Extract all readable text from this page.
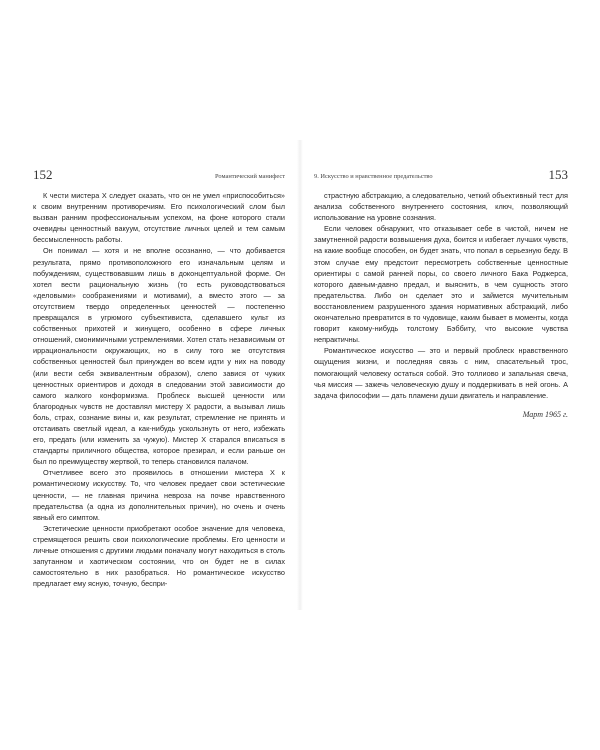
152	Романтический манифест

К чести мистера X следует сказать, что он не умел «приспособиться» к своим внутренним противоречиям. Его психологический слом был вызван ранним профессиональным успехом, на фоне которого стали очевидны ценностный вакуум, отсутствие личных целей и тем самым бессмысленность работы.

Он понимал — хотя и не вполне осознанно, — что добивается результата, прямо противоположного его изначальным целям и побуждениям, существовавшим лишь в доконцептуальной форме. Он хотел вести рациональную жизнь (то есть руководствоваться «деловыми» соображениями и мотивами), а вместо этого — за отсутствием твердо определенных ценностей — постепенно превращался в угрюмого субъективиста, сделавшего культ из собственных прихотей и жинущего, особенно в сфере личных отношений, смонимичными устремлениями. Хотел стать независимым от иррациональности окружающих, но в силу того же отсутствия собственных ценностей был принужден во всем идти у них на поводу (или вести себя эквивалентным образом), слепо завися от чужих ценностных ориентиров и доходя в следовании этой зависимости до самого жалкого конформизма. Проблеск высшей ценности или благородных чувств не доставлял мистеру X радости, а вызывал лишь боль, страх, сознание вины и, как результат, стремление не принять и отстаивать светлый идеал, а как-нибудь ускользнуть от него, избежать его, предать (или изменить за чужую). Мистер X старался вписаться в стандарты приличного общества, которое презирал, и если раньше он был по преимуществу жертвой, то теперь становился палачом.

Отчетливее всего это проявилось в отношении мистера X к романтическому искусству. То, что человек предает свои эстетические ценности, — не главная причина невроза на почве нравственного предательства (а одна из дополнительных причин), но очень и очень явный его симптом.

Эстетические ценности приобретают особое значение для человека, стремящегося решить свои психологические проблемы. Его ценности и личные отношения с другими людьми поначалу могут находиться в столь запутанном и хаотическом состоянии, что он будет не в силах самостоятельно в них разобраться. Но романтическое искусство предлагает ему ясную, точную, беспри-

9. Искусство и нравственное предательство	153

страстную абстракцию, а следовательно, четкий объективный тест для анализа собственного внутреннего состояния, ключ, позволяющий использование на уровне сознания.

Если человек обнаружит, что отказывает себе в чистой, ничем не замутненной радости возвышения духа, боится и избегает лучших чувств, на какие вообще способен, он будет знать, что попал в серьезную беду. В этом случае ему предстоит пересмотреть собственные ценностные ориентиры с самой ранней поры, со своего личного Бака Роджерса, которого давным-давно предал, и выяснить, в чем сущность этого предательства. Либо он сделает это и займется мучительным восстановлением разрушенного здания нормативных абстракций, либо окончательно превратится в то чудовище, каким бывает в моменты, когда говорит какому-нибудь толстому Бэббиту, что высокие чувства непрактичны.

Романтическое искусство — это и первый проблеск нравственного ощущения жизни, и последняя связь с ним, спасательный трос, помогающий человеку остаться собой. Это толлиово и запальная свеча, чья миссия — зажечь человеческую душу и поддерживать в ней огонь. А задача философии — дать пламени души двигатель и направление.

Март 1965 г.
